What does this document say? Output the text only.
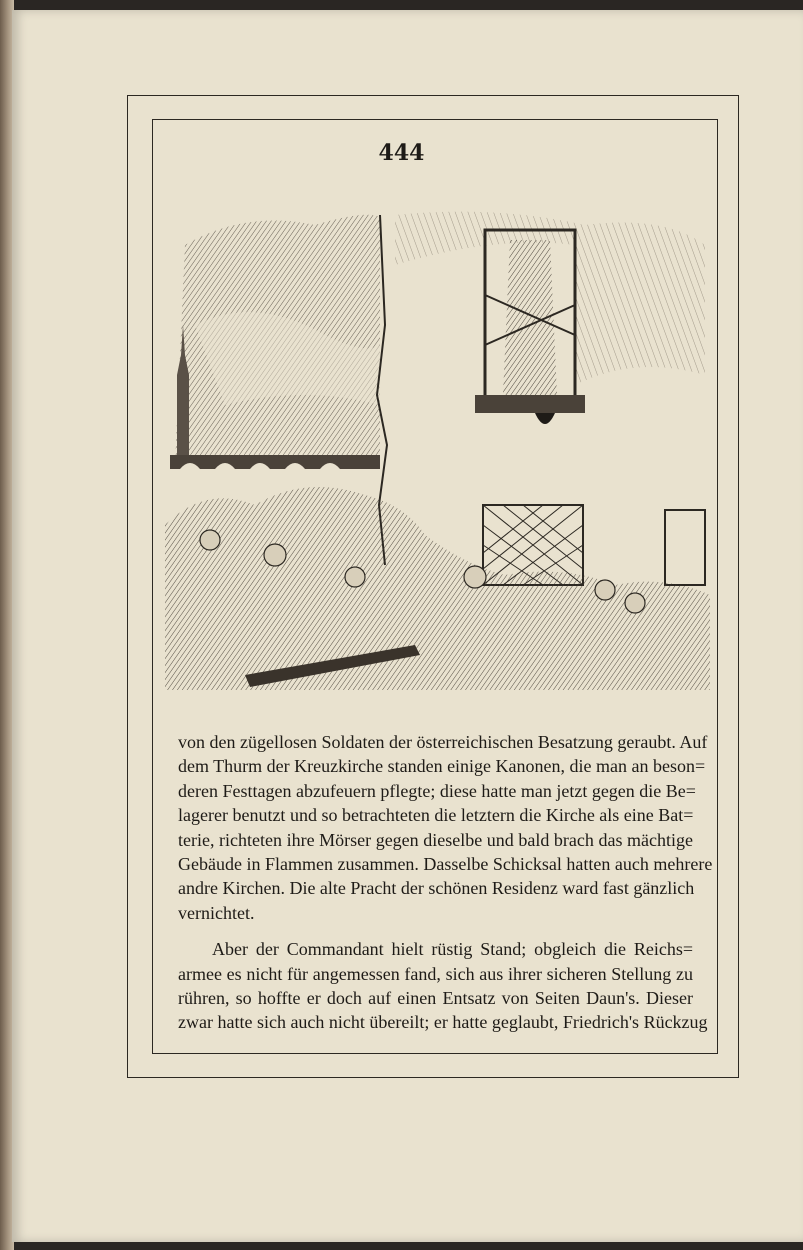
444
von den zügellosen Soldaten der österreichischen Besatzung geraubt. Auf
dem Thurm der Kreuzkirche standen einige Kanonen, die man an beson=
deren Festtagen abzufeuern pflegte; diese hatte man jetzt gegen die Be=
lagerer benutzt und so betrachteten die letztern die Kirche als eine Bat=
terie, richteten ihre Mörser gegen dieselbe und bald brach das mächtige
Gebäude in Flammen zusammen. Dasselbe Schicksal hatten auch mehrere
andre Kirchen. Die alte Pracht der schönen Residenz ward fast gänzlich
vernichtet.
Aber der Commandant hielt rüstig Stand; obgleich die Reichs=
armee es nicht für angemessen fand, sich aus ihrer sicheren Stellung zu
rühren, so hoffte er doch auf einen Entsatz von Seiten Daun's. Dieser
zwar hatte sich auch nicht übereilt; er hatte geglaubt, Friedrich's Rückzug
